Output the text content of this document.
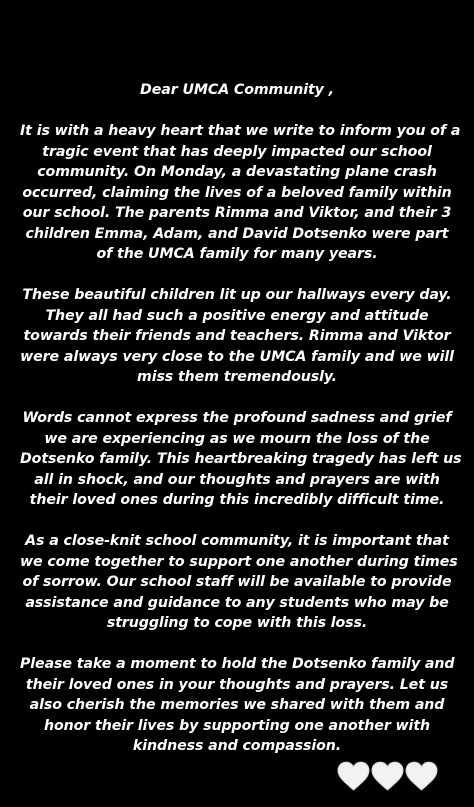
Dear UMCA Community ,
It is with a heavy heart that we write to inform you of a
tragic event that has deeply impacted our school
community. On Monday, a devastating plane crash
occurred, claiming the lives of a beloved family within
our school. The parents Rimma and Viktor, and their 3
children Emma, Adam, and David Dotsenko were part
of the UMCA family for many years.
These beautiful children lit up our hallways every day.
They all had such a positive energy and attitude
towards their friends and teachers. Rimma and Viktor
were always very close to the UMCA family and we will
miss them tremendously.
Words cannot express the profound sadness and grief
we are experiencing as we mourn the loss of the
Dotsenko family. This heartbreaking tragedy has left us
all in shock, and our thoughts and prayers are with
their loved ones during this incredibly difficult time.
As a close-knit school community, it is important that
we come together to support one another during times
of sorrow. Our school staff will be available to provide
assistance and guidance to any students who may be
struggling to cope with this loss.
Please take a moment to hold the Dotsenko family and
their loved ones in your thoughts and prayers. Let us
also cherish the memories we shared with them and
honor their lives by supporting one another with
kindness and compassion.
